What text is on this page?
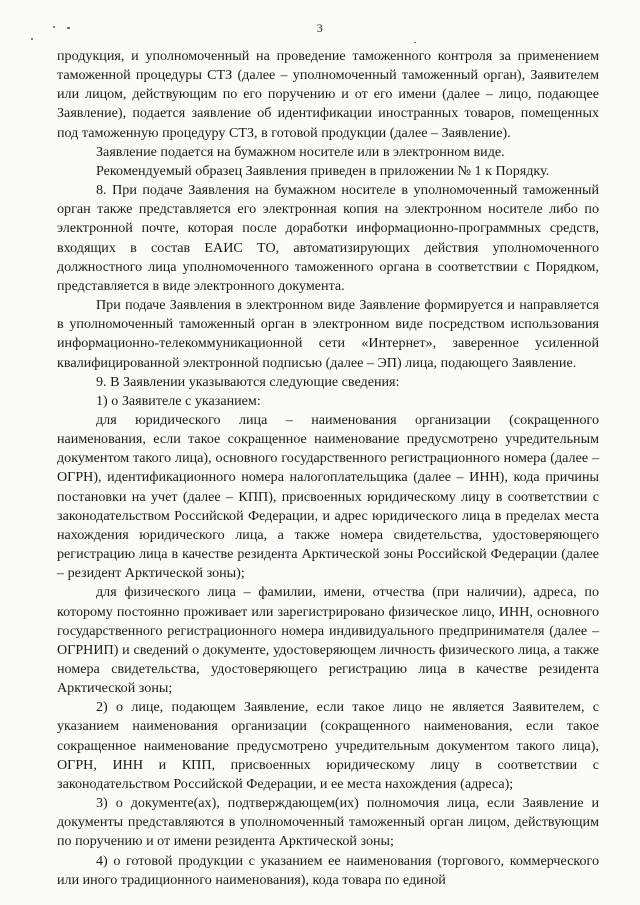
3

продукция, и уполномоченный на проведение таможенного контроля за применением таможенной процедуры СТЗ (далее – уполномоченный таможенный орган), Заявителем или лицом, действующим по его поручению и от его имени (далее – лицо, подающее Заявление), подается заявление об идентификации иностранных товаров, помещенных под таможенную процедуру СТЗ, в готовой продукции (далее – Заявление).

Заявление подается на бумажном носителе или в электронном виде.

Рекомендуемый образец Заявления приведен в приложении № 1 к Порядку.

8. При подаче Заявления на бумажном носителе в уполномоченный таможенный орган также представляется его электронная копия на электронном носителе либо по электронной почте, которая после доработки информационно-программных средств, входящих в состав ЕАИС ТО, автоматизирующих действия уполномоченного должностного лица уполномоченного таможенного органа в соответствии с Порядком, представляется в виде электронного документа.

При подаче Заявления в электронном виде Заявление формируется и направляется в уполномоченный таможенный орган в электронном виде посредством использования информационно-телекоммуникационной сети «Интернет», заверенное усиленной квалифицированной электронной подписью (далее – ЭП) лица, подающего Заявление.

9. В Заявлении указываются следующие сведения:

1) о Заявителе с указанием:

для юридического лица – наименования организации (сокращенного наименования, если такое сокращенное наименование предусмотрено учредительным документом такого лица), основного государственного регистрационного номера (далее – ОГРН), идентификационного номера налогоплательщика (далее – ИНН), кода причины постановки на учет (далее – КПП), присвоенных юридическому лицу в соответствии с законодательством Российской Федерации, и адрес юридического лица в пределах места нахождения юридического лица, а также номера свидетельства, удостоверяющего регистрацию лица в качестве резидента Арктической зоны Российской Федерации (далее – резидент Арктической зоны);

для физического лица – фамилии, имени, отчества (при наличии), адреса, по которому постоянно проживает или зарегистрировано физическое лицо, ИНН, основного государственного регистрационного номера индивидуального предпринимателя (далее – ОГРНИП) и сведений о документе, удостоверяющем личность физического лица, а также номера свидетельства, удостоверяющего регистрацию лица в качестве резидента Арктической зоны;

2) о лице, подающем Заявление, если такое лицо не является Заявителем, с указанием наименования организации (сокращенного наименования, если такое сокращенное наименование предусмотрено учредительным документом такого лица), ОГРН, ИНН и КПП, присвоенных юридическому лицу в соответствии с законодательством Российской Федерации, и ее места нахождения (адреса);

3) о документе(ах), подтверждающем(их) полномочия лица, если Заявление и документы представляются в уполномоченный таможенный орган лицом, действующим по поручению и от имени резидента Арктической зоны;

4) о готовой продукции с указанием ее наименования (торгового, коммерческого или иного традиционного наименования), кода товара по единой
